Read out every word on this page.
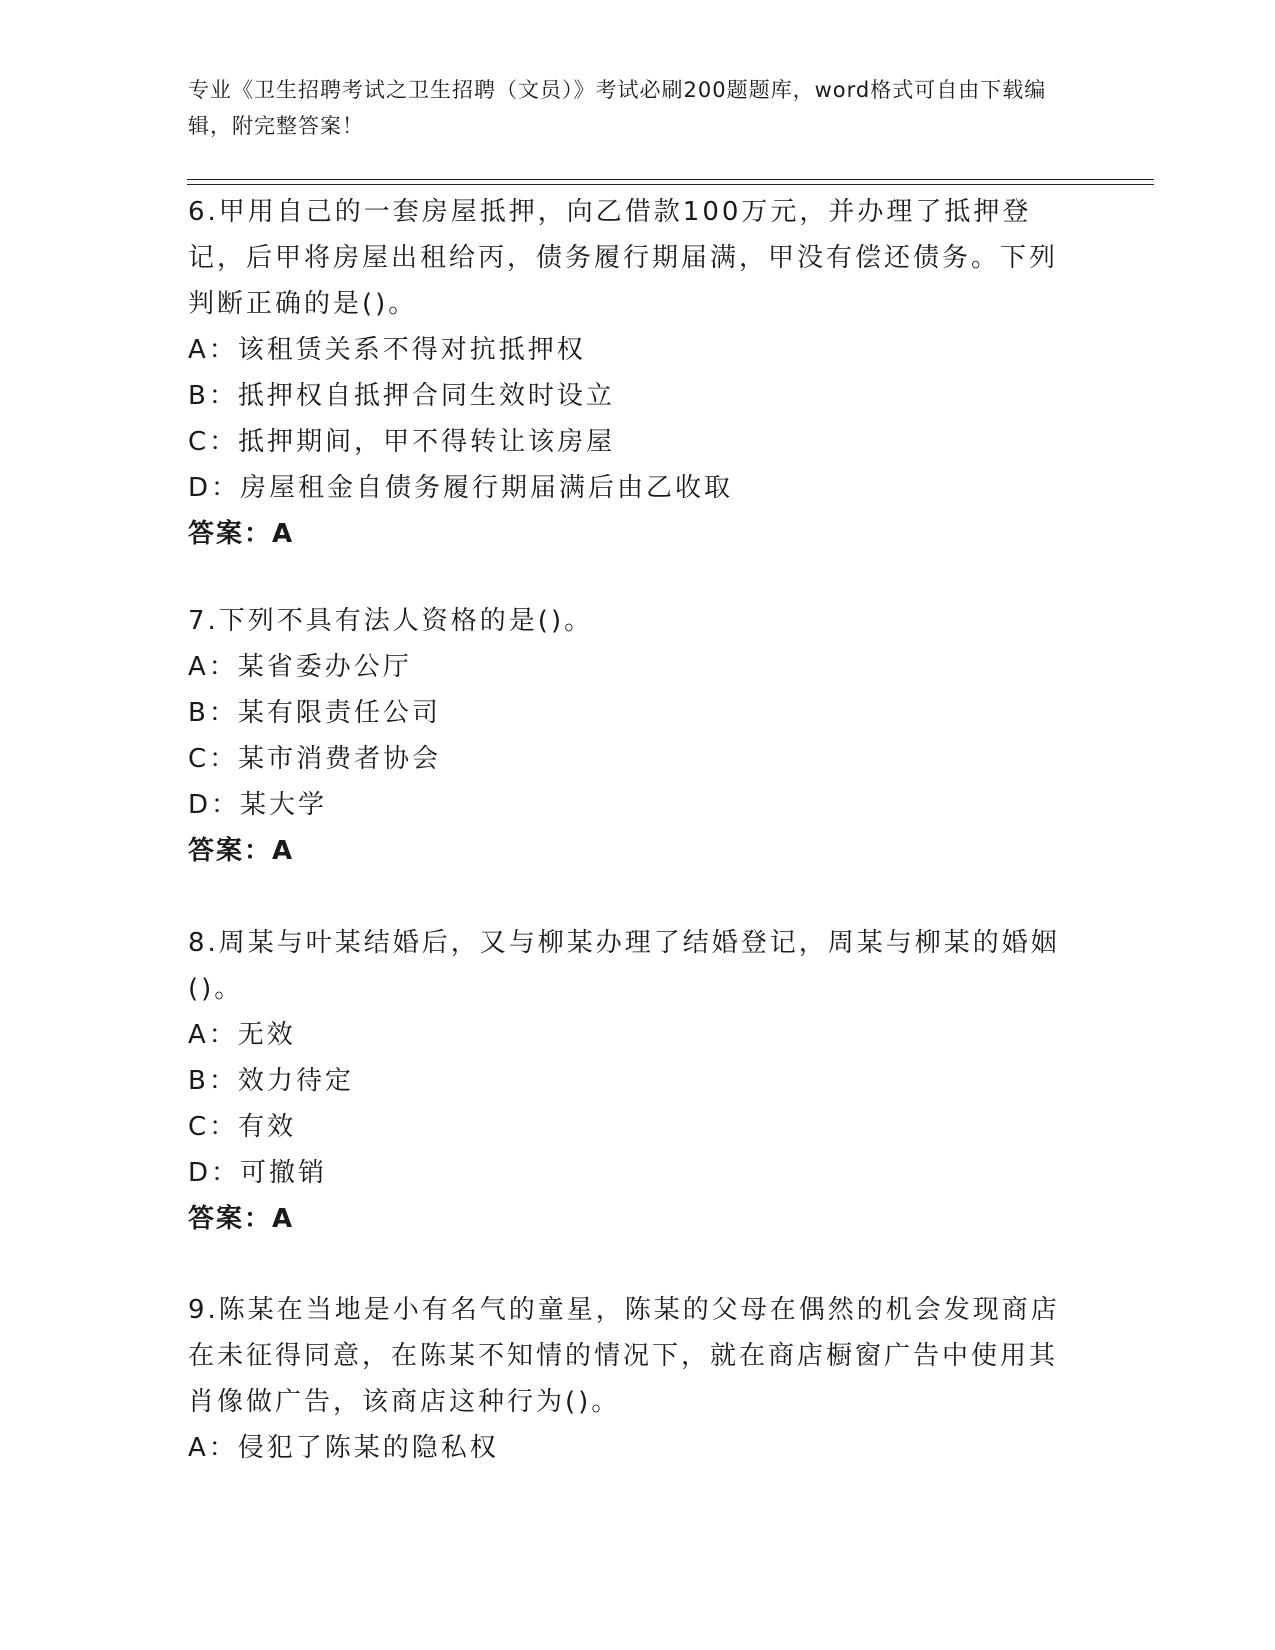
专业《卫生招聘考试之卫生招聘（文员）》考试必刷200题题库，word格式可自由下载编辑，附完整答案！

6.甲用自己的一套房屋抵押，向乙借款100万元，并办理了抵押登记，后甲将房屋出租给丙，债务履行期届满，甲没有偿还债务。下列判断正确的是()。

A：该租赁关系不得对抗抵押权

B：抵押权自抵押合同生效时设立

C：抵押期间，甲不得转让该房屋

D：房屋租金自债务履行期届满后由乙收取

答案：A

7.下列不具有法人资格的是()。

A：某省委办公厅

B：某有限责任公司

C：某市消费者协会

D：某大学

答案：A

8.周某与叶某结婚后，又与柳某办理了结婚登记，周某与柳某的婚姻()。

A：无效

B：效力待定

C：有效

D：可撤销

答案：A

9.陈某在当地是小有名气的童星，陈某的父母在偶然的机会发现商店在未征得同意，在陈某不知情的情况下，就在商店橱窗广告中使用其肖像做广告，该商店这种行为()。

A：侵犯了陈某的隐私权
